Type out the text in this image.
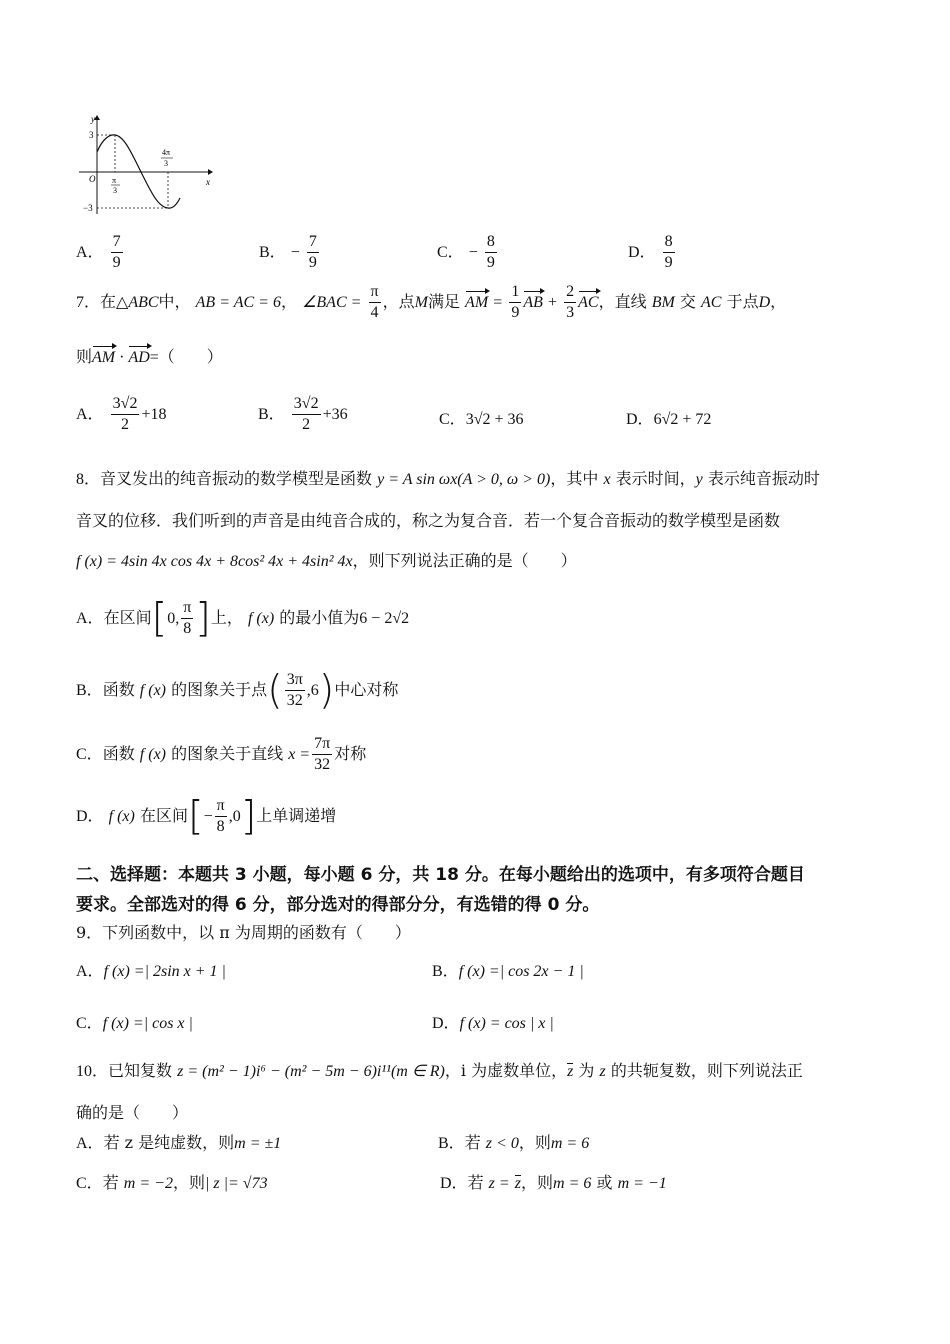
y
x
O
3
−3
π
3
4π
3
A． $\frac{7}{9}$	B． − $\frac{7}{9}$	C． − $\frac{8}{9}$	D． $\frac{8}{9}$
7．在△ABC中， AB = AC = 6， ∠BAC = $\frac{\pi}{4}$ ，点M满足 AM = $\frac{1}{9}$ AB + $\frac{2}{3}$ AC，直线 BM 交 AC 于点D，
则AM · AD=（　　）
A． $\frac{3√2}{2} +18$	B． $\frac{3√2}{2} +36$	C．3√2 + 36	D．6√2 + 72
8．音叉发出的纯音振动的数学模型是函数 y = A sin ωx(A > 0, ω > 0)，其中 x 表示时间，y 表示纯音振动时
音叉的位移．我们听到的声音是由纯音合成的，称之为复合音．若一个复合音振动的数学模型是函数
f (x) = 4sin 4x cos 4x + 8cos² 4x + 4sin² 4x，则下列说法正确的是（　　）
A．在区间[0, $\frac{\pi}{8}$ ]上， f (x) 的最小值为6 − 2√2
B．函数 f (x) 的图象关于点( $\frac{3\pi}{32} ,6$)中心对称
C．函数 f (x) 的图象关于直线 $x = \frac{7\pi}{32}$ 对称
D． f (x) 在区间[− $\frac{\pi}{8} ,0$]上单调递增
二、选择题：本题共 3 小题，每小题 6 分，共 18 分。在每小题给出的选项中，有多项符合题目
要求。全部选对的得 6 分，部分选对的得部分分，有选错的得 0 分。
9．下列函数中，以 π 为周期的函数有（　　）
A．f (x) =| 2sin x + 1 |	B．f (x) =| cos 2x − 1 |
C．f (x) =| cos x |	D．f (x) = cos | x |
10．已知复数 z = (m² − 1)i⁶ − (m² − 5m − 6)i¹¹(m ∈ R)，i 为虚数单位，z 为 z 的共轭复数，则下列说法正
确的是（　　）
A．若 z 是纯虚数，则m = ±1	B．若 z < 0，则m = 6
C．若 m = −2，则| z |= √73	D．若 z = z，则m = 6 或 m = −1
